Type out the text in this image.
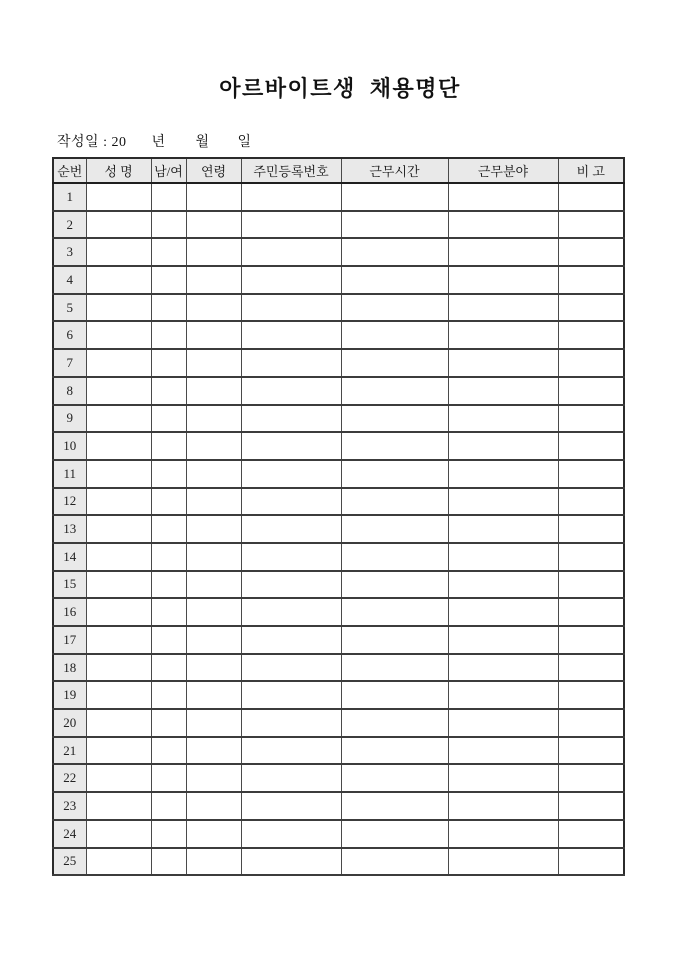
아르바이트생  채용명단
작성일 : 20 년 월 일
순번	성 명	남/여	연령	주민등록번호	근무시간	근무분야	비 고
1							
2							
3							
4							
5							
6							
7							
8							
9							
10							
11							
12							
13							
14							
15							
16							
17							
18							
19							
20							
21							
22							
23							
24							
25							
